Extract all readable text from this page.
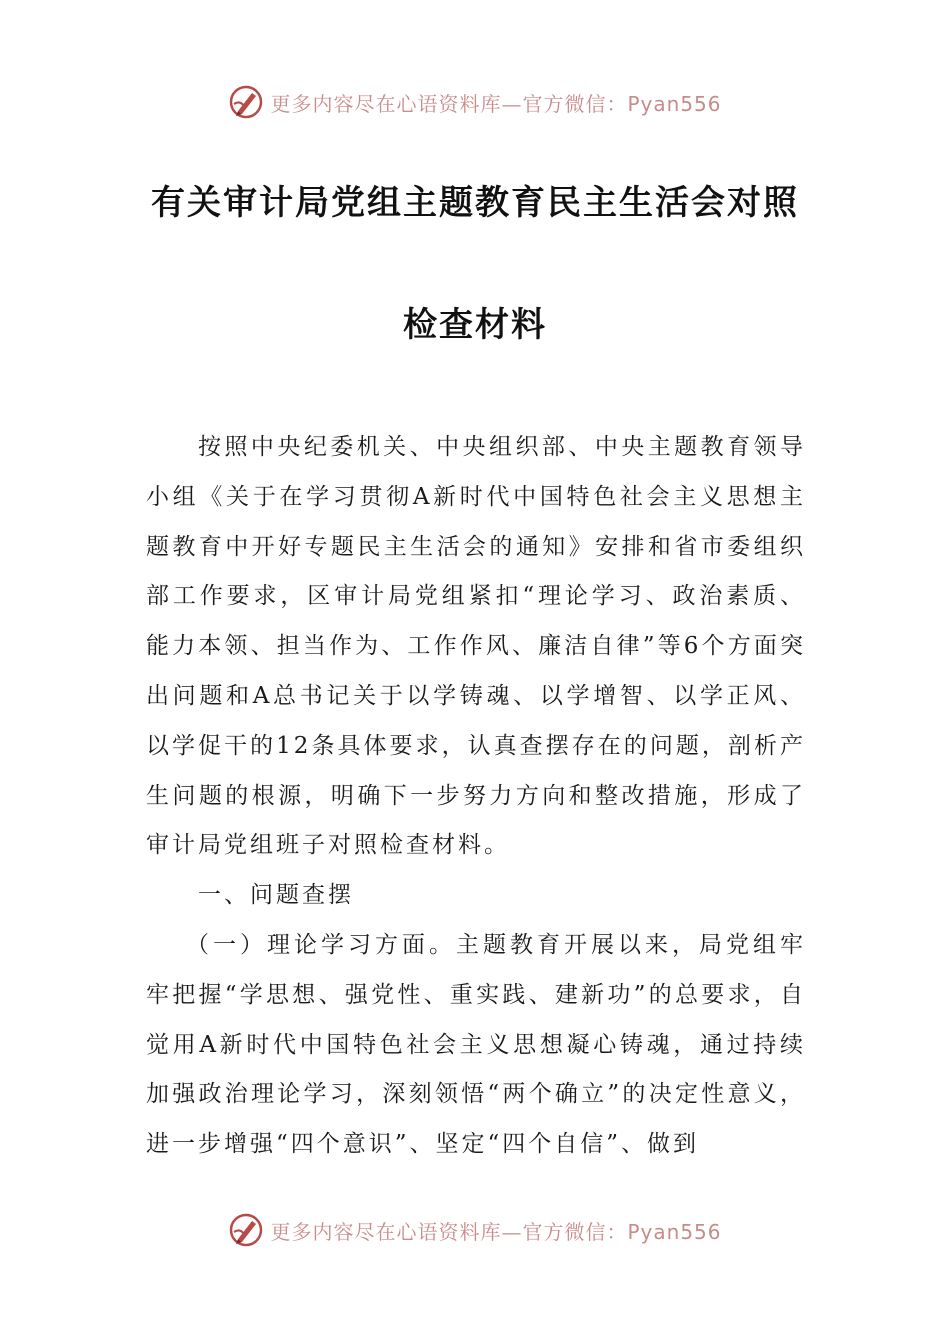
更多内容尽在心语资料库—官方微信：Pyan556
有关审计局党组主题教育民主生活会对照
检查材料

按照中央纪委机关、中央组织部、中央主题教育领导小组《关于在学习贯彻A新时代中国特色社会主义思想主题教育中开好专题民主生活会的通知》安排和省市委组织部工作要求，区审计局党组紧扣“理论学习、政治素质、能力本领、担当作为、工作作风、廉洁自律”等6个方面突出问题和A总书记关于以学铸魂、以学增智、以学正风、以学促干的12条具体要求，认真查摆存在的问题，剖析产生问题的根源，明确下一步努力方向和整改措施，形成了审计局党组班子对照检查材料。

一、问题查摆

（一）理论学习方面。主题教育开展以来，局党组牢牢把握“学思想、强党性、重实践、建新功”的总要求，自觉用A新时代中国特色社会主义思想凝心铸魂，通过持续加强政治理论学习，深刻领悟“两个确立”的决定性意义，进一步增强“四个意识”、坚定“四个自信”、做到

更多内容尽在心语资料库—官方微信：Pyan556
